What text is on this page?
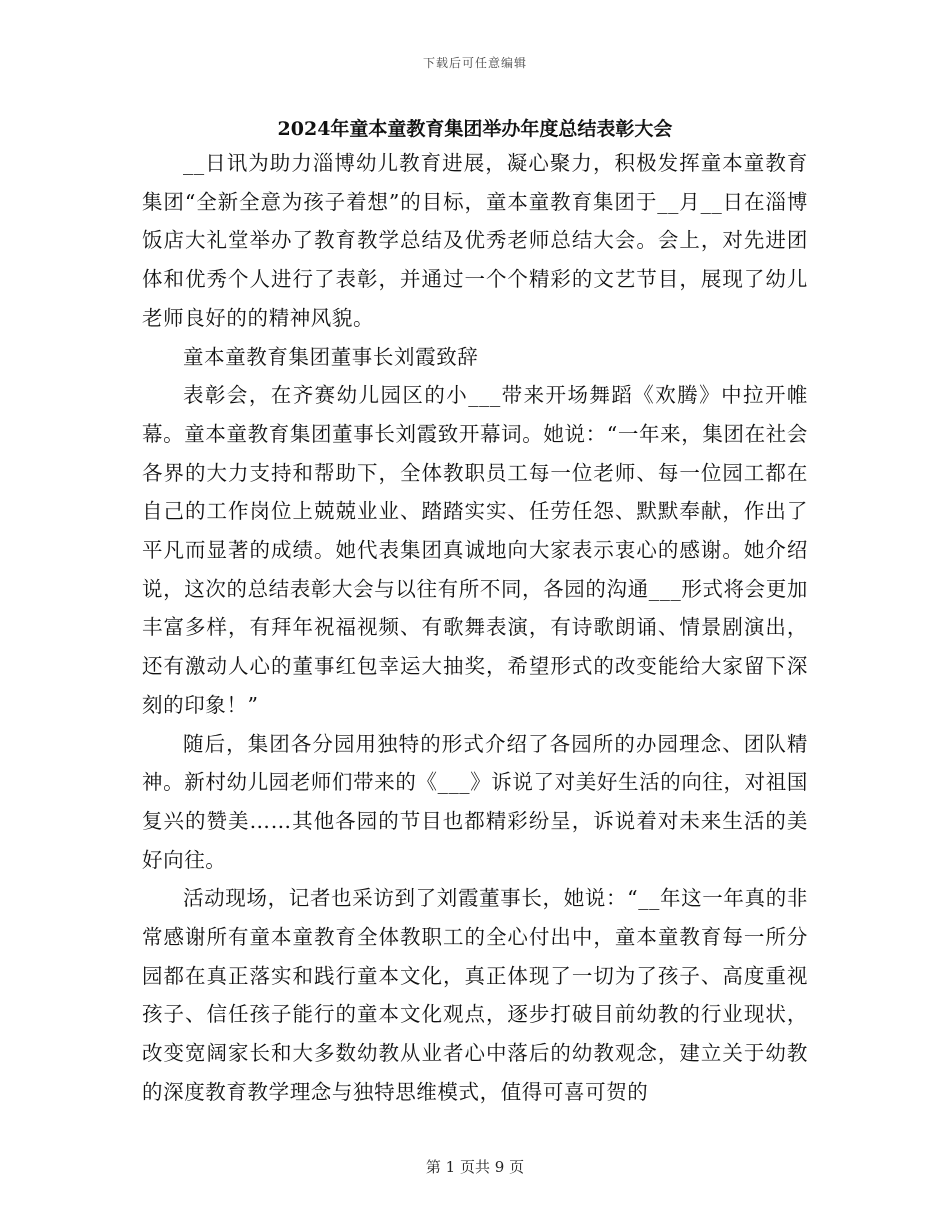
下载后可任意编辑
2024年童本童教育集团举办年度总结表彰大会

__日讯为助力淄博幼儿教育进展，凝心聚力，积极发挥童本童教育集团“全新全意为孩子着想”的目标，童本童教育集团于__月__日在淄博饭店大礼堂举办了教育教学总结及优秀老师总结大会。会上，对先进团体和优秀个人进行了表彰，并通过一个个精彩的文艺节目，展现了幼儿老师良好的的精神风貌。

童本童教育集团董事长刘霞致辞

表彰会，在齐赛幼儿园区的小___带来开场舞蹈《欢腾》中拉开帷幕。童本童教育集团董事长刘霞致开幕词。她说：“一年来，集团在社会各界的大力支持和帮助下，全体教职员工每一位老师、每一位园工都在自己的工作岗位上兢兢业业、踏踏实实、任劳任怨、默默奉献，作出了平凡而显著的成绩。她代表集团真诚地向大家表示衷心的感谢。她介绍说，这次的总结表彰大会与以往有所不同，各园的沟通___形式将会更加丰富多样，有拜年祝福视频、有歌舞表演，有诗歌朗诵、情景剧演出，还有激动人心的董事红包幸运大抽奖，希望形式的改变能给大家留下深刻的印象！”

随后，集团各分园用独特的形式介绍了各园所的办园理念、团队精神。新村幼儿园老师们带来的《___》诉说了对美好生活的向往，对祖国复兴的赞美……其他各园的节目也都精彩纷呈，诉说着对未来生活的美好向往。

活动现场，记者也采访到了刘霞董事长，她说：“__年这一年真的非常感谢所有童本童教育全体教职工的全心付出中，童本童教育每一所分园都在真正落实和践行童本文化，真正体现了一切为了孩子、高度重视孩子、信任孩子能行的童本文化观点，逐步打破目前幼教的行业现状，改变宽阔家长和大多数幼教从业者心中落后的幼教观念，建立关于幼教的深度教育教学理念与独特思维模式，值得可喜可贺的

第 1 页共 9 页
